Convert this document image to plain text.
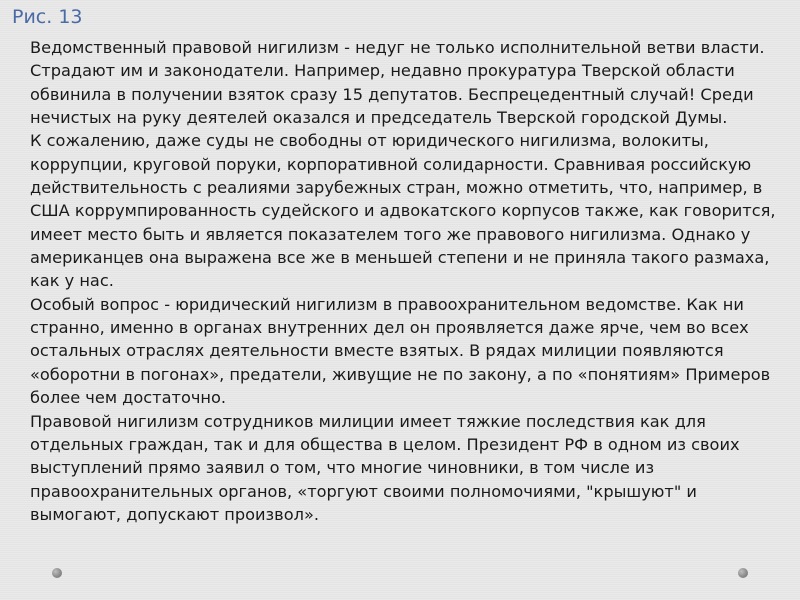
Рис. 13

Ведомственный правовой нигилизм - недуг не только исполнительной ветви власти. Страдают им и законодатели. Например, недавно прокуратура Тверской области обвинила в получении взяток сразу 15 депутатов. Беспрецедентный случай! Среди нечистых на руку деятелей оказался и председатель Тверской городской Думы.

К сожалению, даже суды не свободны от юридического нигилизма, волокиты, коррупции, круговой поруки, корпоративной солидарности. Сравнивая российскую действительность с реалиями зарубежных стран, можно отметить, что, например, в США коррумпированность судейского и адвокатского корпусов также, как говорится, имеет место быть и является показателем того же правового нигилизма. Однако у американцев она выражена все же в меньшей степени и не приняла такого размаха, как у нас.

Особый вопрос - юридический нигилизм в правоохранительном ведомстве. Как ни странно, именно в органах внутренних дел он проявляется даже ярче, чем во всех остальных отраслях деятельности вместе взятых. В рядах милиции появляются «оборотни в погонах», предатели, живущие не по закону, а по «понятиям» Примеров более чем достаточно.

Правовой нигилизм сотрудников милиции имеет тяжкие последствия как для отдельных граждан, так и для общества в целом. Президент РФ в одном из своих выступлений прямо заявил о том, что многие чиновники, в том числе из правоохранительных органов, «торгуют своими полномочиями, "крышуют" и вымогают, допускают произвол».
